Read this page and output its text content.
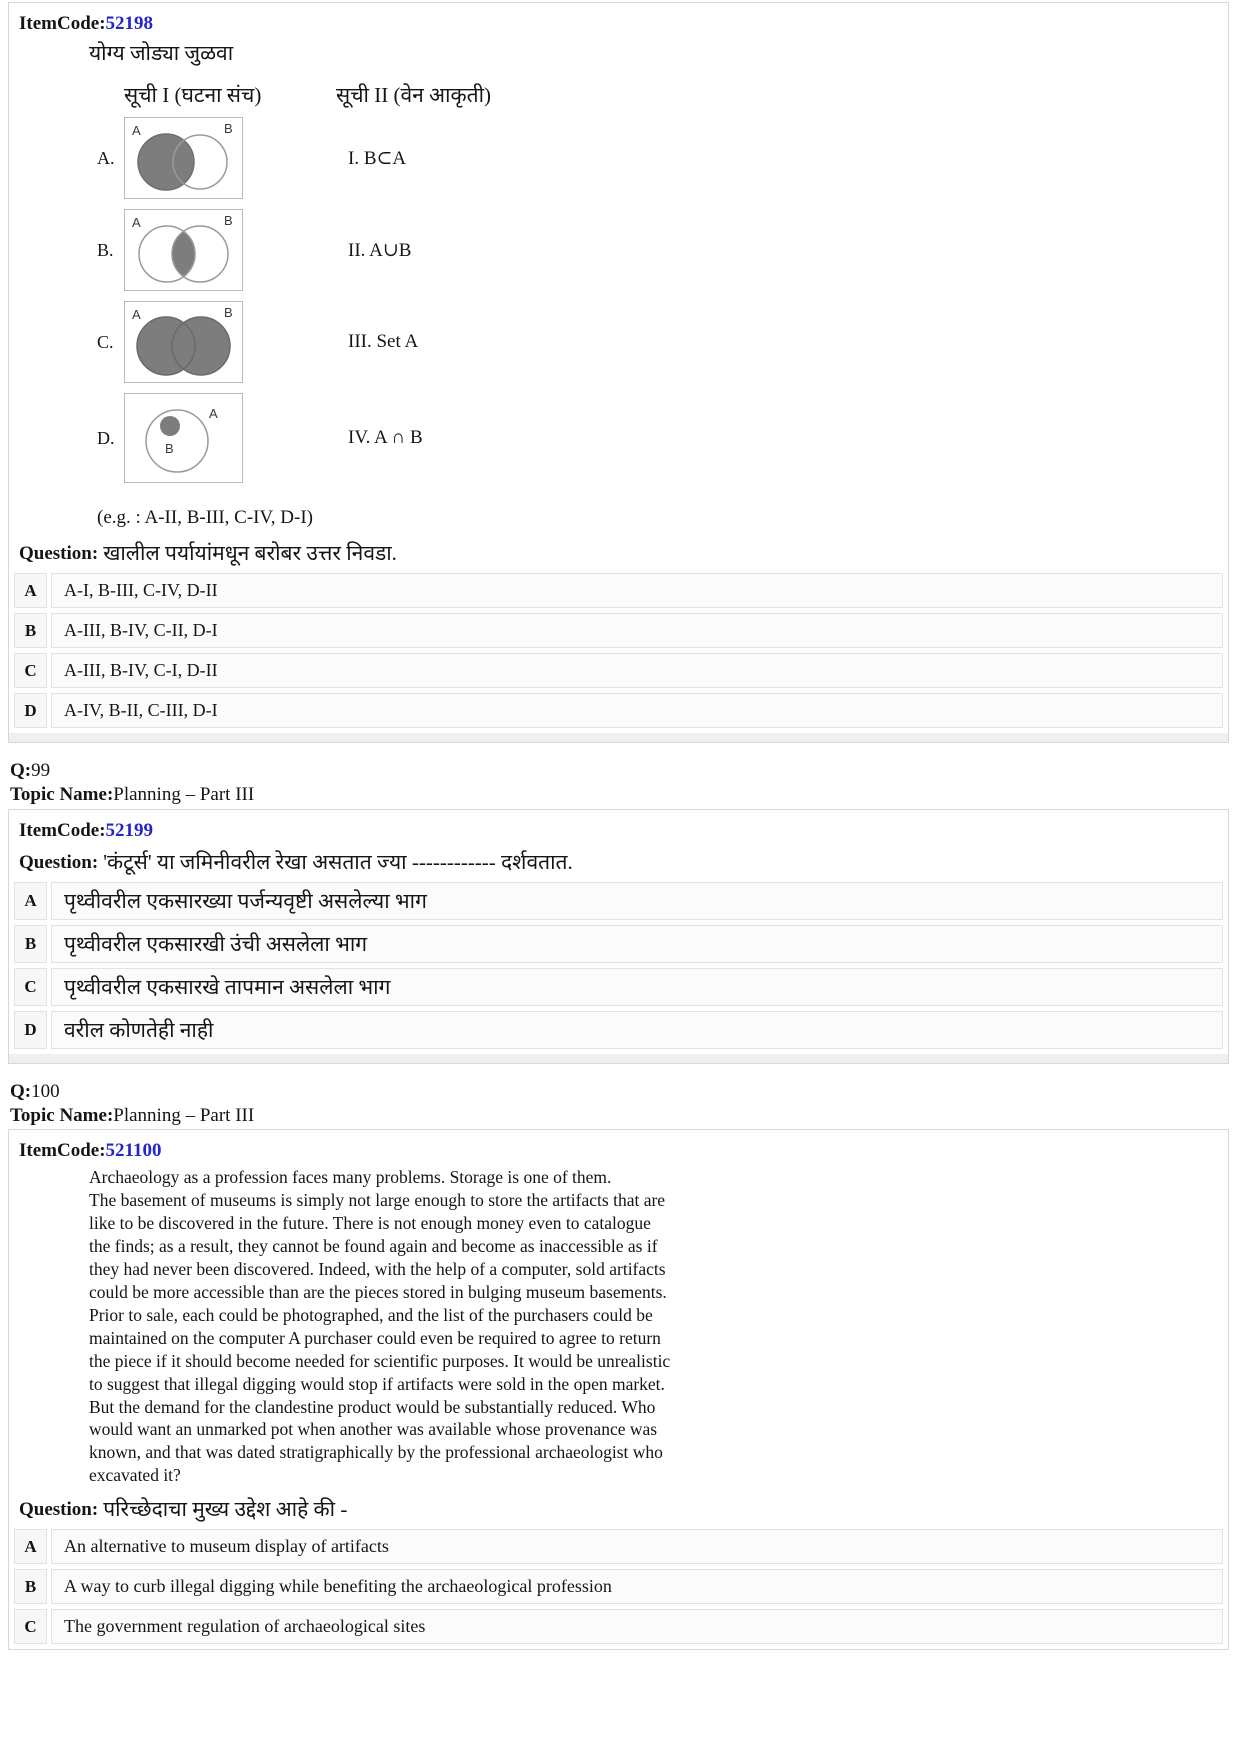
ItemCode:52198
योग्य जोड्या जुळवा
सूची I (घटना संच)	सूची II (वेन आकृती)
A.
A	B
I. B⊂A
B.
A	B
II. A∪B
C.
A	B
III. Set A
D.
A
B
IV. A ∩ B
(e.g. : A-II, B-III, C-IV, D-I)
Question: खालील पर्यायांमधून बरोबर उत्तर निवडा.
A	A-I, B-III, C-IV, D-II
B	A-III, B-IV, C-II, D-I
C	A-III, B-IV, C-I, D-II
D	A-IV, B-II, C-III, D-I
Q:99
Topic Name:Planning – Part III
ItemCode:52199
Question: 'कंटूर्स' या जमिनीवरील रेखा असतात ज्या ------------ दर्शवतात.
A	पृथ्वीवरील एकसारख्या पर्जन्यवृष्टी असलेल्या भाग
B	पृथ्वीवरील एकसारखी उंची असलेला भाग
C	पृथ्वीवरील एकसारखे तापमान असलेला भाग
D	वरील कोणतेही नाही
Q:100
Topic Name:Planning – Part III
ItemCode:521100
Archaeology as a profession faces many problems. Storage is one of them.
The basement of museums is simply not large enough to store the artifacts that are
like to be discovered in the future. There is not enough money even to catalogue
the finds; as a result, they cannot be found again and become as inaccessible as if
they had never been discovered. Indeed, with the help of a computer, sold artifacts
could be more accessible than are the pieces stored in bulging museum basements.
Prior to sale, each could be photographed, and the list of the purchasers could be
maintained on the computer A purchaser could even be required to agree to return
the piece if it should become needed for scientific purposes. It would be unrealistic
to suggest that illegal digging would stop if artifacts were sold in the open market.
But the demand for the clandestine product would be substantially reduced. Who
would want an unmarked pot when another was available whose provenance was
known, and that was dated stratigraphically by the professional archaeologist who
excavated it?
Question: परिच्छेदाचा मुख्य उद्देश आहे की -
A	An alternative to museum display of artifacts
B	A way to curb illegal digging while benefiting the archaeological profession
C	The government regulation of archaeological sites
